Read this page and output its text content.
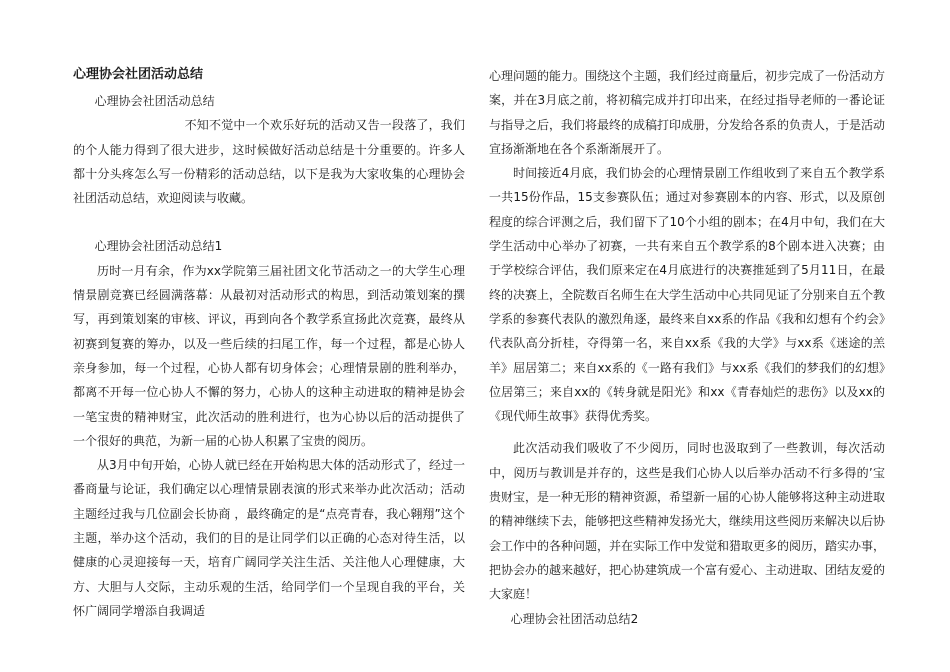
心理协会社团活动总结

心理协会社团活动总结

不知不觉中一个欢乐好玩的活动又告一段落了，我们的个人能力得到了很大进步，这时候做好活动总结是十分重要的。许多人都十分头疼怎么写一份精彩的活动总结，以下是我为大家收集的心理协会社团活动总结，欢迎阅读与收藏。

心理协会社团活动总结1

历时一月有余，作为xx学院第三届社团文化节活动之一的大学生心理情景剧竞赛已经圆满落幕：从最初对活动形式的构思，到活动策划案的撰写，再到策划案的审核、评议，再到向各个教学系宣扬此次竞赛，最终从初赛到复赛的筹办，以及一些后续的扫尾工作，每一个过程，都是心协人亲身参加，每一个过程，心协人都有切身体会；心理情景剧的胜利举办，都离不开每一位心协人不懈的努力，心协人的这种主动进取的精神是协会一笔宝贵的精神财宝，此次活动的胜利进行，也为心协以后的活动提供了一个很好的典范，为新一届的心协人积累了宝贵的阅历。

从3月中旬开始，心协人就已经在开始构思大体的活动形式了，经过一番商量与论证，我们确定以心理情景剧表演的形式来举办此次活动；活动主题经过我与几位副会长协商 ，最终确定的是“点亮青春，我心翱翔”这个主题，举办这个活动，我们的目的是让同学们以正确的心态对待生活，以健康的心灵迎接每一天，培育广阔同学关注生活、关注他人心理健康，大方、大胆与人交际，主动乐观的生活，给同学们一个呈现自我的平台，关怀广阔同学增添自我调适

心理问题的能力。围绕这个主题，我们经过商量后，初步完成了一份活动方案，并在3月底之前，将初稿完成并打印出来，在经过指导老师的一番论证与指导之后，我们将最终的成稿打印成册，分发给各系的负责人，于是活动宣扬渐渐地在各个系渐渐展开了。

时间接近4月底，我们协会的心理情景剧工作组收到了来自五个教学系一共15份作品，15支参赛队伍；通过对参赛剧本的内容、形式，以及原创程度的综合评测之后，我们留下了10个小组的剧本；在4月中旬，我们在大学生活动中心举办了初赛，一共有来自五个教学系的8个剧本进入决赛；由于学校综合评估，我们原来定在4月底进行的决赛推延到了5月11日，在最终的决赛上，全院数百名师生在大学生活动中心共同见证了分别来自五个教学系的参赛代表队的激烈角逐，最终来自xx系的作品《我和幻想有个约会》代表队高分折桂，夺得第一名，来自xx系《我的大学》与xx系《迷途的羔羊》屈居第二；来自xx系的《一路有我们》与xx系《我们的梦我们的幻想》位居第三；来自xx的《转身就是阳光》和xx《青春灿烂的悲伤》以及xx的《现代师生故事》获得优秀奖。

此次活动我们吸收了不少阅历，同时也汲取到了一些教训，每次活动中，阅历与教训是并存的，这些是我们心协人以后举办活动不行多得的’宝贵财宝，是一种无形的精神资源，希望新一届的心协人能够将这种主动进取的精神继续下去，能够把这些精神发扬光大，继续用这些阅历来解决以后协会工作中的各种问题，并在实际工作中发觉和猎取更多的阅历，踏实办事，把协会办的越来越好，把心协建筑成一个富有爱心、主动进取、团结友爱的大家庭！

心理协会社团活动总结2
